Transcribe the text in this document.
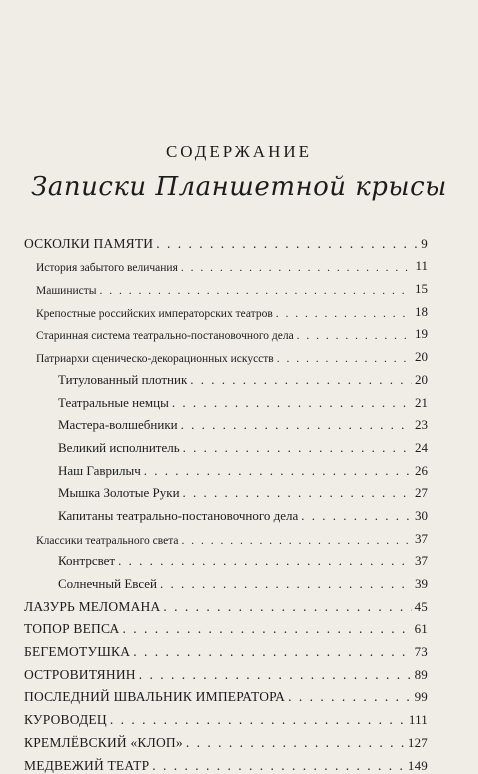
СОДЕРЖАНИЕ
Записки Планшетной крысы
ОСКОЛКИ ПАМЯТИ . . .	9
История забытого величания . . .	11
Машинисты . . .	15
Крепостные российских императорских театров . . .	18
Старинная система театрально-постановочного дела . . .	19
Патриархи сценическо-декорационных искусств . . .	20
Титулованный плотник . . .	20
Театральные немцы . . .	21
Мастера-волшебники . . .	23
Великий исполнитель . . .	24
Наш Гаврилыч . . .	26
Мышка Золотые Руки . . .	27
Капитаны театрально-постановочного дела . . .	30
Классики театрального света . . .	37
Контрсвет . . .	37
Солнечный Евсей . . .	39
ЛАЗУРЬ МЕЛОМАНА . . .	45
ТОПОР ВЕПСА . . .	61
БЕГЕМОТУШКА . . .	73
ОСТРОВИТЯНИН . . .	89
ПОСЛЕДНИЙ ШВАЛЬНИК ИМПЕРАТОРА . . .	99
КУРОВОДЕЦ . . .	111
КРЕМЛЁВСКИЙ «КЛОП» . . .	127
МЕДВЕЖИЙ ТЕАТР . . .	149
